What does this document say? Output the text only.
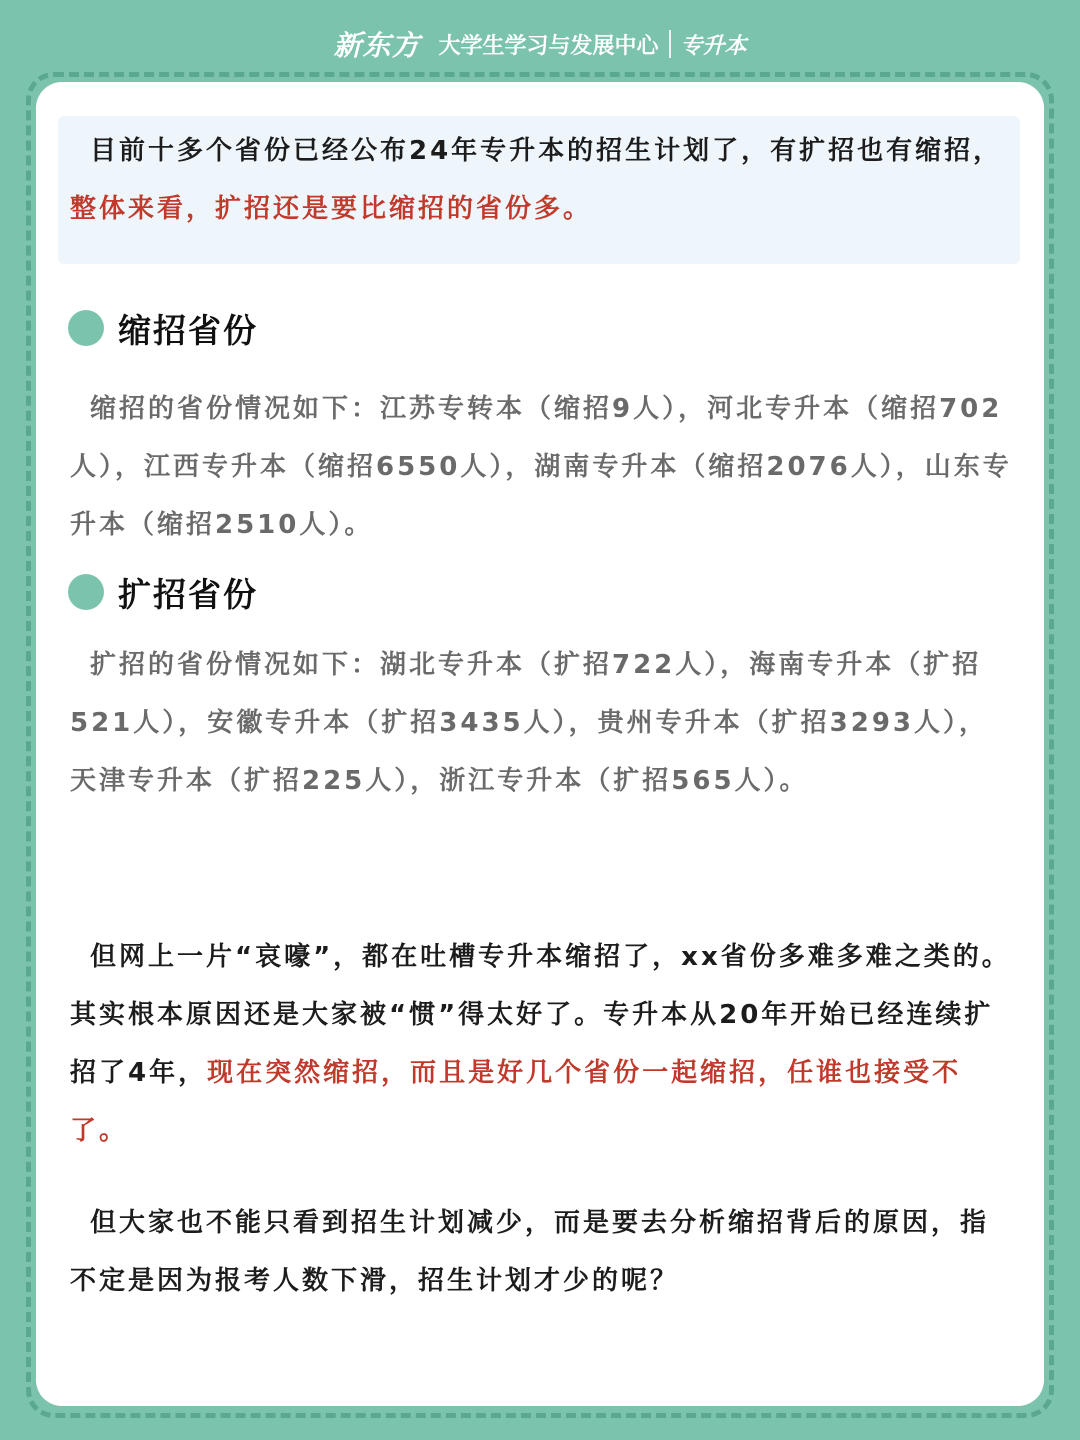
新东方 大学生学习与发展中心 专升本

目前十多个省份已经公布24年专升本的招生计划了，有扩招也有缩招，整体来看，扩招还是要比缩招的省份多。

缩招省份

缩招的省份情况如下：江苏专转本（缩招9人），河北专升本（缩招702人），江西专升本（缩招6550人），湖南专升本（缩招2076人），山东专升本（缩招2510人）。

扩招省份

扩招的省份情况如下：湖北专升本（扩招722人），海南专升本（扩招521人），安徽专升本（扩招3435人），贵州专升本（扩招3293人），天津专升本（扩招225人），浙江专升本（扩招565人）。

但网上一片“哀嚎”，都在吐槽专升本缩招了，xx省份多难多难之类的。其实根本原因还是大家被“惯”得太好了。专升本从20年开始已经连续扩招了4年，现在突然缩招，而且是好几个省份一起缩招，任谁也接受不了。

但大家也不能只看到招生计划减少，而是要去分析缩招背后的原因，指不定是因为报考人数下滑，招生计划才少的呢？
